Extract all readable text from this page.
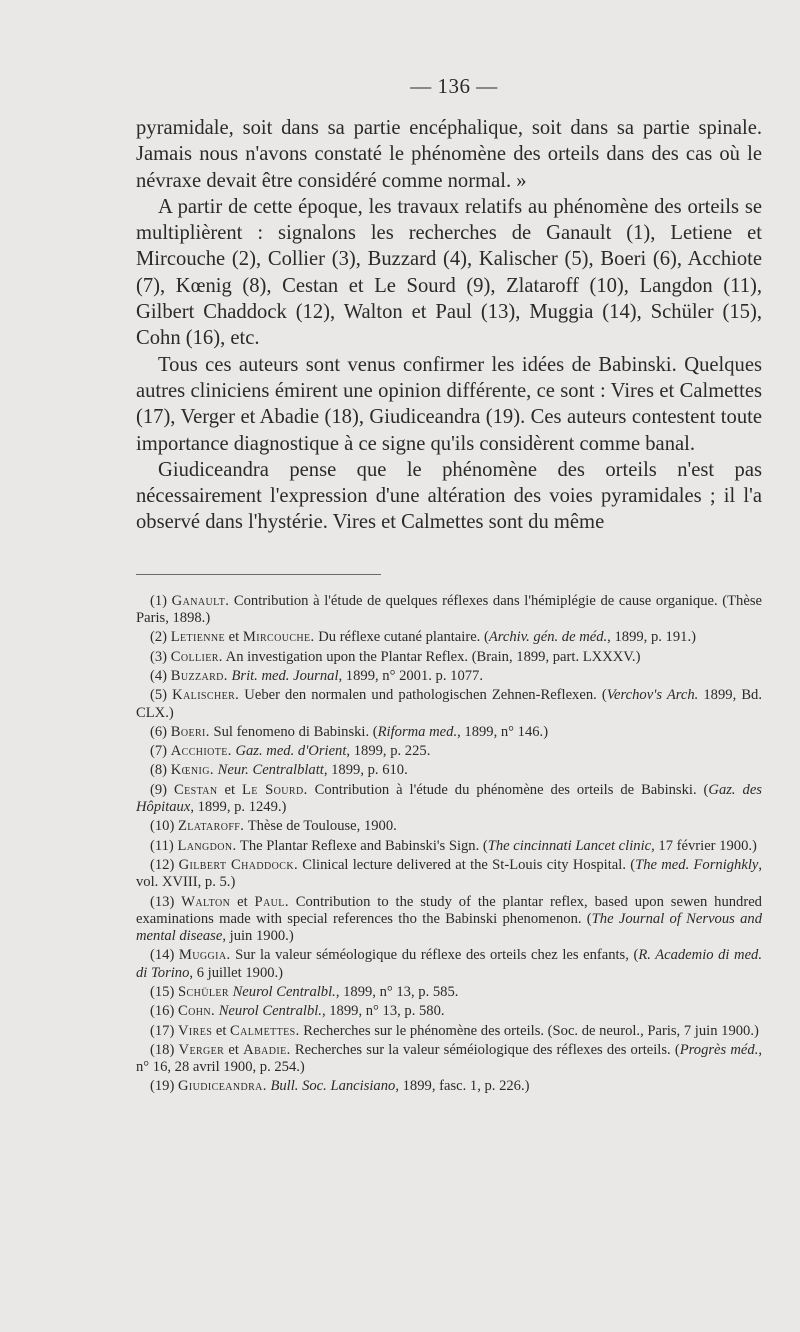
— 136 —

pyramidale, soit dans sa partie encéphalique, soit dans sa partie spinale. Jamais nous n'avons constaté le phénomène des orteils dans des cas où le névraxe devait être considéré comme normal. »

A partir de cette époque, les travaux relatifs au phénomène des orteils se multiplièrent : signalons les recherches de Ganault (1), Letiene et Mircouche (2), Collier (3), Buzzard (4), Kalischer (5), Boeri (6), Acchiote (7), Kœnig (8), Cestan et Le Sourd (9), Zlataroff (10), Langdon (11), Gilbert Chaddock (12), Walton et Paul (13), Muggia (14), Schüler (15), Cohn (16), etc.

Tous ces auteurs sont venus confirmer les idées de Babinski. Quelques autres cliniciens émirent une opinion différente, ce sont : Vires et Calmettes (17), Verger et Abadie (18), Giudiceandra (19). Ces auteurs contestent toute importance diagnostique à ce signe qu'ils considèrent comme banal.

Giudiceandra pense que le phénomène des orteils n'est pas nécessairement l'expression d'une altération des voies pyramidales ; il l'a observé dans l'hystérie. Vires et Calmettes sont du même

(1) Ganault. Contribution à l'étude de quelques réflexes dans l'hémiplégie de cause organique. (Thèse Paris, 1898.)

(2) Letienne et Mircouche. Du réflexe cutané plantaire. (Archiv. gén. de méd., 1899, p. 191.)

(3) Collier. An investigation upon the Plantar Reflex. (Brain, 1899, part. LXXXV.)

(4) Buzzard. Brit. med. Journal, 1899, n° 2001. p. 1077.

(5) Kalischer. Ueber den normalen und pathologischen Zehnen-Reflexen. (Verchov's Arch. 1899, Bd. CLX.)

(6) Boeri. Sul fenomeno di Babinski. (Riforma med., 1899, n° 146.)

(7) Acchiote. Gaz. med. d'Orient, 1899, p. 225.

(8) Kœnig. Neur. Centralblatt, 1899, p. 610.

(9) Cestan et Le Sourd. Contribution à l'étude du phénomène des orteils de Babinski. (Gaz. des Hôpitaux, 1899, p. 1249.)

(10) Zlataroff. Thèse de Toulouse, 1900.

(11) Langdon. The Plantar Reflexe and Babinski's Sign. (The cincinnati Lancet clinic, 17 février 1900.)

(12) Gilbert Chaddock. Clinical lecture delivered at the St-Louis city Hospital. (The med. Fornighkly, vol. XVIII, p. 5.)

(13) Walton et Paul. Contribution to the study of the plantar reflex, based upon sewen hundred examinations made with special references tho the Babinski phenomenon. (The Journal of Nervous and mental disease, juin 1900.)

(14) Muggia. Sur la valeur séméologique du réflexe des orteils chez les enfants, (R. Academio di med. di Torino, 6 juillet 1900.)

(15) Schüler Neurol Centralbl., 1899, n° 13, p. 585.

(16) Cohn. Neurol Centralbl., 1899, n° 13, p. 580.

(17) Vires et Calmettes. Recherches sur le phénomène des orteils. (Soc. de neurol., Paris, 7 juin 1900.)

(18) Verger et Abadie. Recherches sur la valeur séméiologique des réflexes des orteils. (Progrès méd., n° 16, 28 avril 1900, p. 254.)

(19) Giudiceandra. Bull. Soc. Lancisiano, 1899, fasc. 1, p. 226.)
